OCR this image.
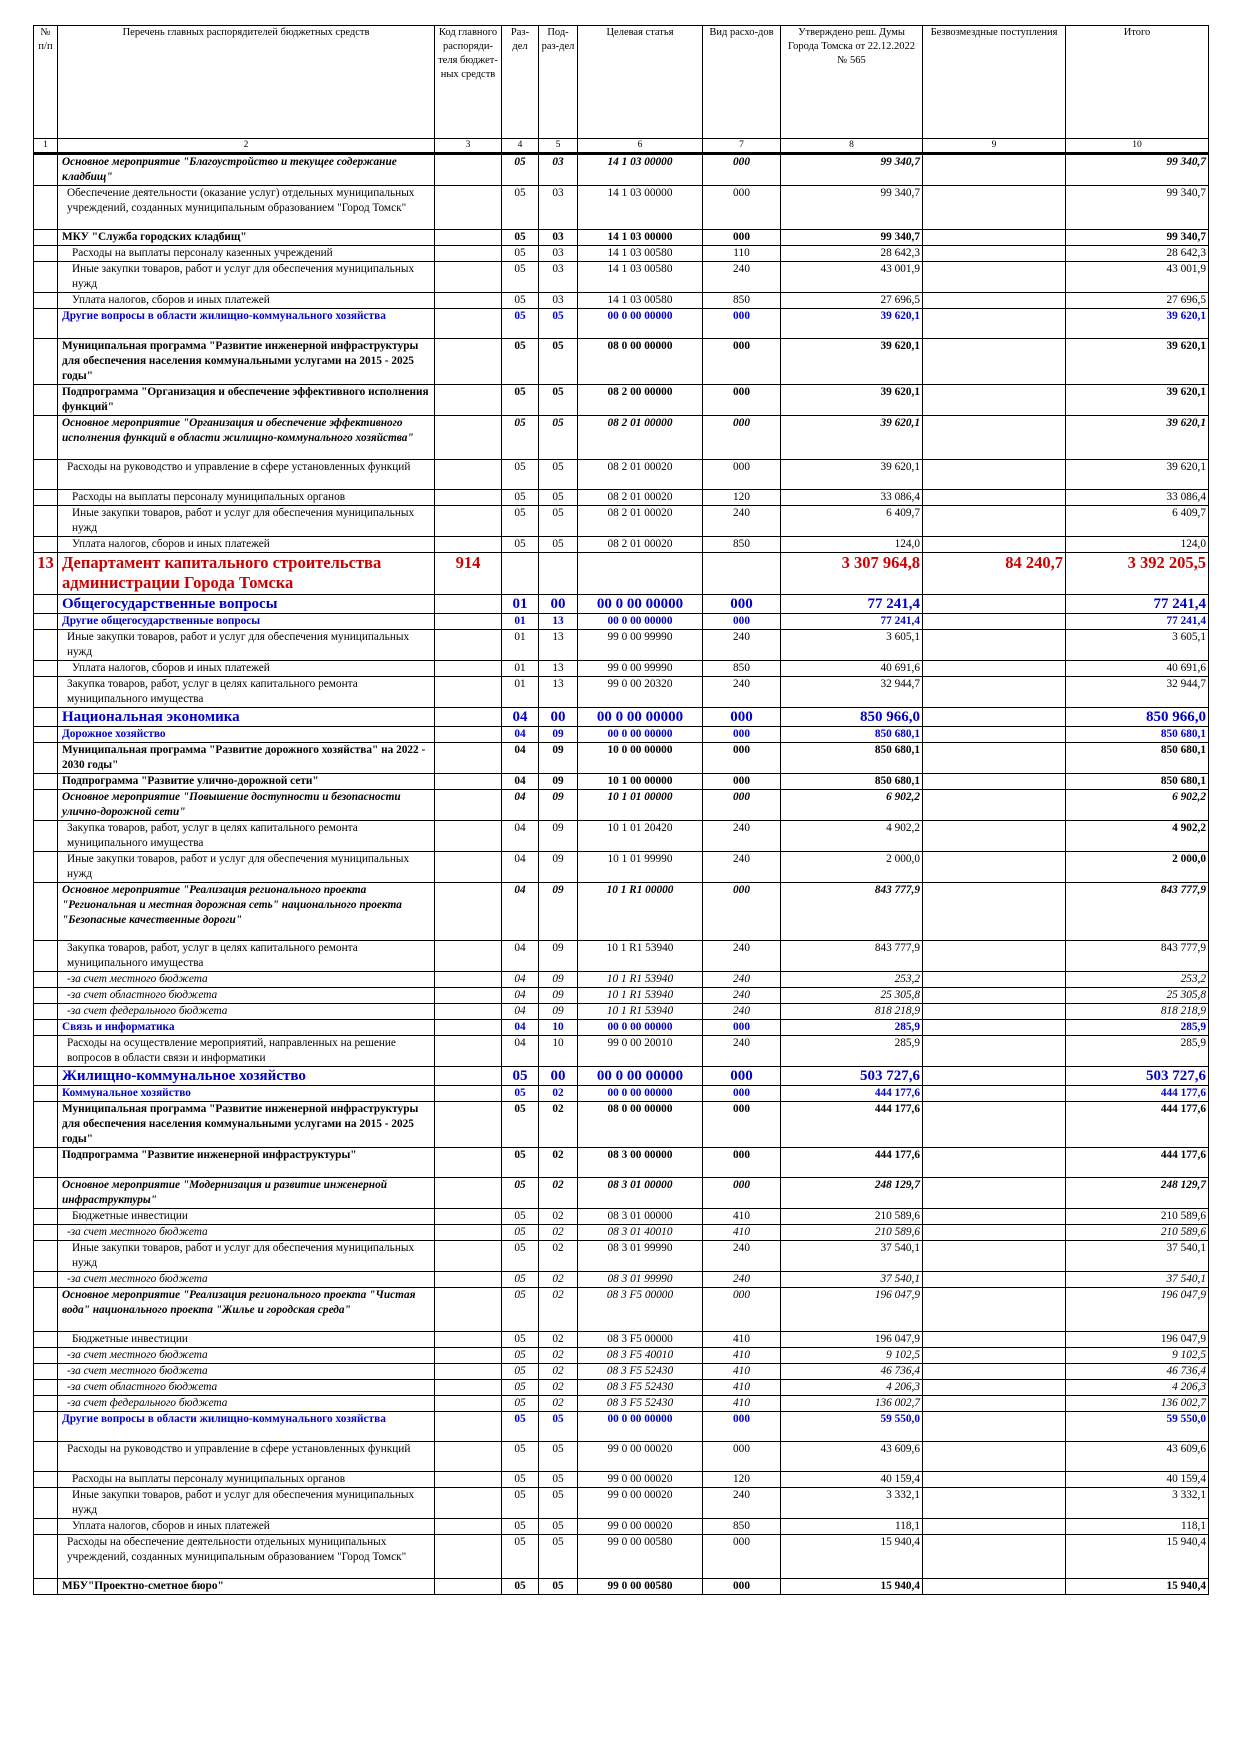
№ п/п	Перечень главных распорядителей бюджетных средств	Код главного распоряди-теля бюджет-ных средств	Раз-дел	Под-раз-дел	Целевая статья	Вид расхо-дов	Утверждено реш. Думы Города Томска от 22.12.2022 № 565	Безвозмездные поступления	Итого
1	2	3	4	5	6	7	8	9	10
	Основное мероприятие "Благоустройство и текущее содержание кладбищ"		05	03	14 1 03 00000	000	99 340,7		99 340,7
	Обеспечение деятельности (оказание услуг) отдельных муниципальных учреждений, созданных муниципальным образованием "Город Томск"		05	03	14 1 03 00000	000	99 340,7		99 340,7
	МКУ "Служба городских кладбищ"		05	03	14 1 03 00000	000	99 340,7		99 340,7
	Расходы на выплаты персоналу казенных учреждений		05	03	14 1 03 00580	110	28 642,3		28 642,3
	Иные закупки товаров, работ и услуг для обеспечения муниципальных нужд		05	03	14 1 03 00580	240	43 001,9		43 001,9
	Уплата налогов, сборов и иных платежей		05	03	14 1 03 00580	850	27 696,5		27 696,5
	Другие вопросы в области жилищно-коммунального хозяйства		05	05	00 0 00 00000	000	39 620,1		39 620,1
	Муниципальная программа "Развитие инженерной инфраструктуры для обеспечения населения коммунальными услугами на 2015 - 2025 годы"		05	05	08 0 00 00000	000	39 620,1		39 620,1
	Подпрограмма "Организация и обеспечение эффективного исполнения функций"		05	05	08 2 00 00000	000	39 620,1		39 620,1
	Основное мероприятие "Организация и обеспечение эффективного исполнения функций в области жилищно-коммунального хозяйства"		05	05	08 2 01 00000	000	39 620,1		39 620,1
	Расходы на руководство и управление в сфере установленных функций		05	05	08 2 01 00020	000	39 620,1		39 620,1
	Расходы на выплаты персоналу муниципальных органов		05	05	08 2 01 00020	120	33 086,4		33 086,4
	Иные закупки товаров, работ и услуг для обеспечения муниципальных нужд		05	05	08 2 01 00020	240	6 409,7		6 409,7
	Уплата налогов, сборов и иных платежей		05	05	08 2 01 00020	850	124,0		124,0
13	Департамент капитального строительства администрации Города Томска	914					3 307 964,8	84 240,7	3 392 205,5
	Общегосударственные вопросы		01	00	00 0 00 00000	000	77 241,4		77 241,4
	Другие общегосударственные вопросы		01	13	00 0 00 00000	000	77 241,4		77 241,4
	Иные закупки товаров, работ и услуг для обеспечения муниципальных нужд		01	13	99 0 00 99990	240	3 605,1		3 605,1
	Уплата налогов, сборов и иных платежей		01	13	99 0 00 99990	850	40 691,6		40 691,6
	Закупка товаров, работ, услуг в целях капитального ремонта муниципального имущества		01	13	99 0 00 20320	240	32 944,7		32 944,7
	Национальная экономика		04	00	00 0 00 00000	000	850 966,0		850 966,0
	Дорожное хозяйство		04	09	00 0 00 00000	000	850 680,1		850 680,1
	Муниципальная программа "Развитие дорожного хозяйства" на 2022 - 2030 годы"		04	09	10 0 00 00000	000	850 680,1		850 680,1
	Подпрограмма "Развитие улично-дорожной сети"		04	09	10 1 00 00000	000	850 680,1		850 680,1
	Основное мероприятие "Повышение доступности и безопасности улично-дорожной сети"		04	09	10 1 01 00000	000	6 902,2		6 902,2
	Закупка товаров, работ, услуг в целях капитального ремонта муниципального имущества		04	09	10 1 01 20420	240	4 902,2		4 902,2
	Иные закупки товаров, работ и услуг для обеспечения муниципальных нужд		04	09	10 1 01 99990	240	2 000,0		2 000,0
	Основное мероприятие "Реализация регионального проекта "Региональная и местная дорожная сеть" национального проекта "Безопасные качественные дороги"		04	09	10 1 R1 00000	000	843 777,9		843 777,9
	Закупка товаров, работ, услуг в целях капитального ремонта муниципального имущества		04	09	10 1 R1 53940	240	843 777,9		843 777,9
	-за счет местного бюджета		04	09	10 1 R1 53940	240	253,2		253,2
	-за счет областного бюджета		04	09	10 1 R1 53940	240	25 305,8		25 305,8
	-за счет федерального бюджета		04	09	10 1 R1 53940	240	818 218,9		818 218,9
	Связь и информатика		04	10	00 0 00 00000	000	285,9		285,9
	Расходы на осуществление мероприятий, направленных на решение вопросов в области связи и информатики		04	10	99 0 00 20010	240	285,9		285,9
	Жилищно-коммунальное хозяйство		05	00	00 0 00 00000	000	503 727,6		503 727,6
	Коммунальное хозяйство		05	02	00 0 00 00000	000	444 177,6		444 177,6
	Муниципальная программа "Развитие инженерной инфраструктуры для обеспечения населения коммунальными услугами на 2015 - 2025 годы"		05	02	08 0 00 00000	000	444 177,6		444 177,6
	Подпрограмма "Развитие инженерной инфраструктуры"		05	02	08 3 00 00000	000	444 177,6		444 177,6
	Основное мероприятие "Модернизация и развитие инженерной инфраструктуры"		05	02	08 3 01 00000	000	248 129,7		248 129,7
	Бюджетные инвестиции		05	02	08 3 01 00000	410	210 589,6		210 589,6
	-за счет местного бюджета		05	02	08 3 01 40010	410	210 589,6		210 589,6
	Иные закупки товаров, работ и услуг для обеспечения муниципальных нужд		05	02	08 3 01 99990	240	37 540,1		37 540,1
	-за счет местного бюджета		05	02	08 3 01 99990	240	37 540,1		37 540,1
	Основное мероприятие "Реализация регионального проекта "Чистая вода" национального проекта "Жилье и городская среда"		05	02	08 3 F5 00000	000	196 047,9		196 047,9
	Бюджетные инвестиции		05	02	08 3 F5 00000	410	196 047,9		196 047,9
	-за счет местного бюджета		05	02	08 3 F5 40010	410	9 102,5		9 102,5
	-за счет местного бюджета		05	02	08 3 F5 52430	410	46 736,4		46 736,4
	-за счет областного бюджета		05	02	08 3 F5 52430	410	4 206,3		4 206,3
	-за счет федерального бюджета		05	02	08 3 F5 52430	410	136 002,7		136 002,7
	Другие вопросы в области жилищно-коммунального хозяйства		05	05	00 0 00 00000	000	59 550,0		59 550,0
	Расходы на руководство и управление в сфере установленных функций		05	05	99 0 00 00020	000	43 609,6		43 609,6
	Расходы на выплаты персоналу муниципальных органов		05	05	99 0 00 00020	120	40 159,4		40 159,4
	Иные закупки товаров, работ и услуг для обеспечения муниципальных нужд		05	05	99 0 00 00020	240	3 332,1		3 332,1
	Уплата налогов, сборов и иных платежей		05	05	99 0 00 00020	850	118,1		118,1
	Расходы на обеспечение деятельности отдельных муниципальных учреждений, созданных муниципальным образованием "Город Томск"		05	05	99 0 00 00580	000	15 940,4		15 940,4
	МБУ"Проектно-сметное бюро"		05	05	99 0 00 00580	000	15 940,4		15 940,4
